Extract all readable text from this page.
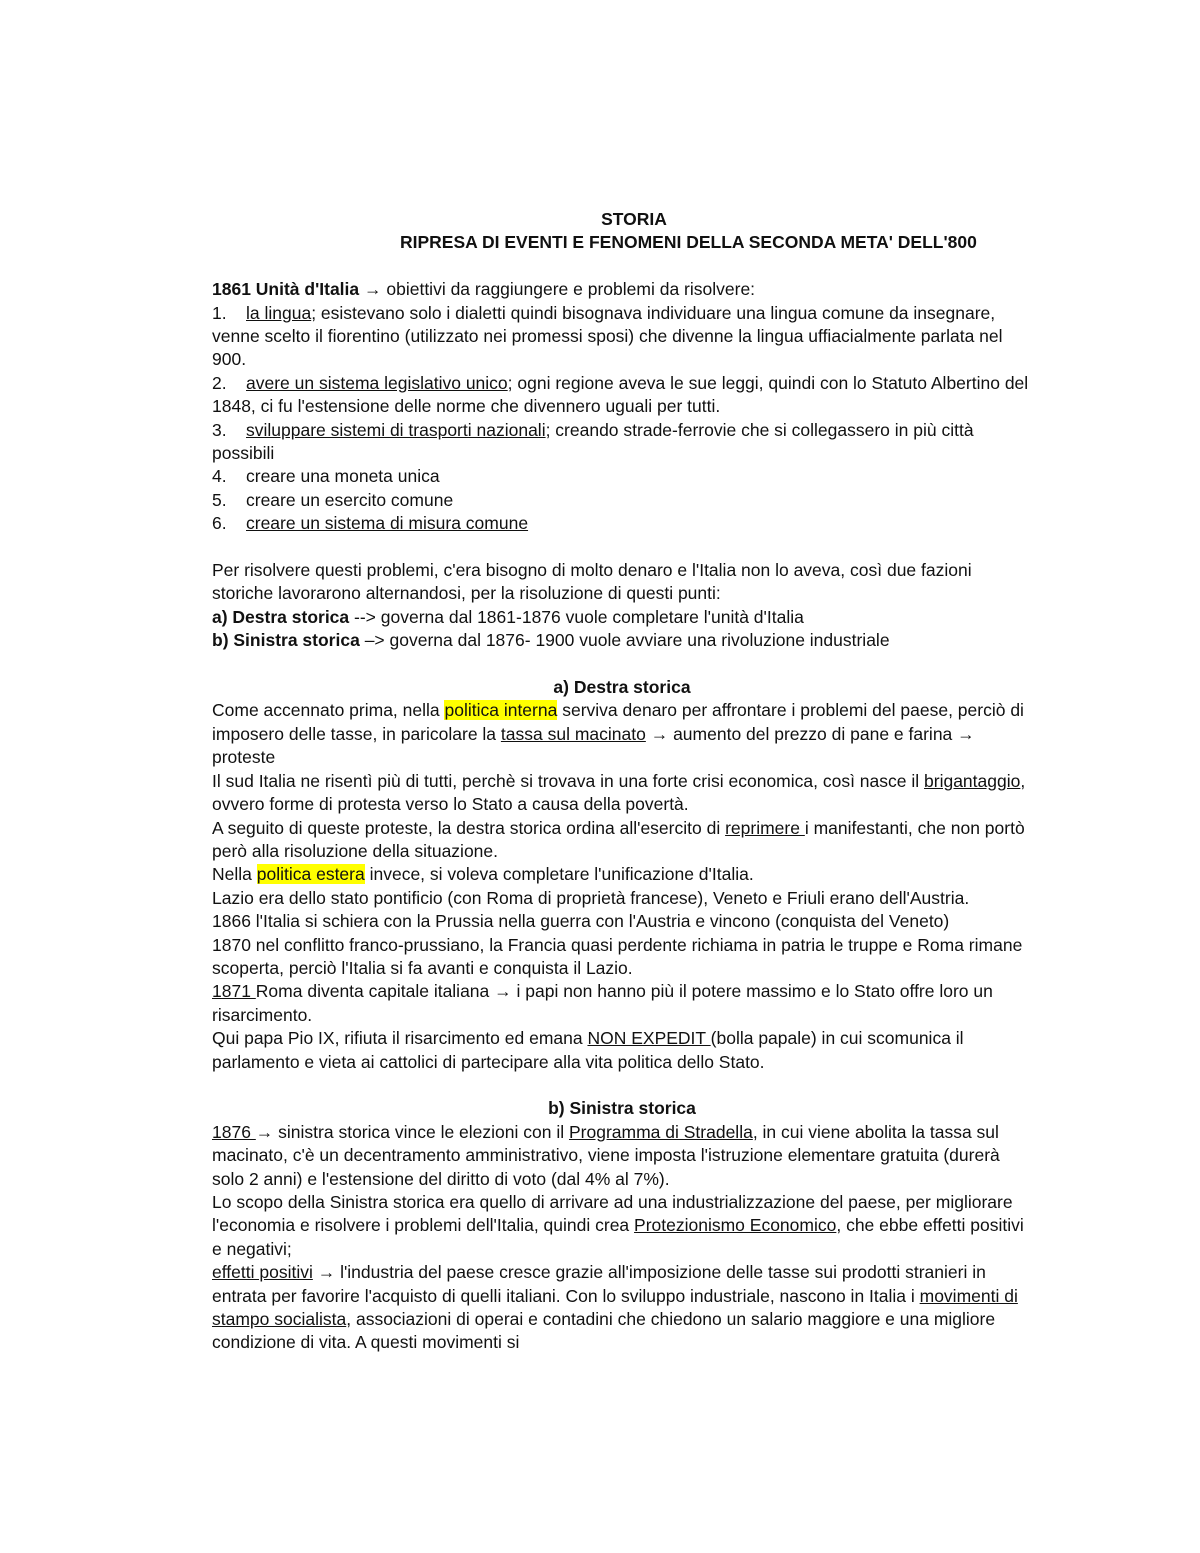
STORIA
RIPRESA DI EVENTI E FENOMENI DELLA SECONDA META' DELL'800

1861 Unità d'Italia → obiettivi da raggiungere e problemi da risolvere:

1. la lingua; esistevano solo i dialetti quindi bisognava individuare una lingua comune da insegnare, venne scelto il fiorentino (utilizzato nei promessi sposi) che divenne la lingua uffiacialmente parlata nel 900.

2. avere un sistema legislativo unico; ogni regione aveva le sue leggi, quindi con lo Statuto Albertino del 1848, ci fu l'estensione delle norme che divennero uguali per tutti.

3. sviluppare sistemi di trasporti nazionali; creando strade-ferrovie che si collegassero in più città possibili

4. creare una moneta unica

5. creare un esercito comune

6. creare un sistema di misura comune

Per risolvere questi problemi, c'era bisogno di molto denaro e l'Italia non lo aveva, così due fazioni storiche lavorarono alternandosi, per la risoluzione di questi punti:

a) Destra storica --> governa dal 1861-1876 vuole completare l'unità d'Italia

b) Sinistra storica –> governa dal 1876- 1900 vuole avviare una rivoluzione industriale

a) Destra storica

Come accennato prima, nella politica interna serviva denaro per affrontare i problemi del paese, perciò di imposero delle tasse, in paricolare la tassa sul macinato → aumento del prezzo di pane e farina → proteste

Il sud Italia ne risentì più di tutti, perchè si trovava in una forte crisi economica, così nasce il brigantaggio, ovvero forme di protesta verso lo Stato a causa della povertà.

A seguito di queste proteste, la destra storica ordina all'esercito di reprimere i manifestanti, che non portò però alla risoluzione della situazione.

Nella politica estera invece, si voleva completare l'unificazione d'Italia.

Lazio era dello stato pontificio (con Roma di proprietà francese), Veneto e Friuli erano dell'Austria.

1866 l'Italia si schiera con la Prussia nella guerra con l'Austria e vincono (conquista del Veneto)

1870 nel conflitto franco-prussiano, la Francia quasi perdente richiama in patria le truppe e Roma rimane scoperta, perciò l'Italia si fa avanti e conquista il Lazio.

1871 Roma diventa capitale italiana → i papi non hanno più il potere massimo e lo Stato offre loro un risarcimento.

Qui papa Pio IX, rifiuta il risarcimento ed emana NON EXPEDIT (bolla papale) in cui scomunica il parlamento e vieta ai cattolici di partecipare alla vita politica dello Stato.

b) Sinistra storica

1876 → sinistra storica vince le elezioni con il Programma di Stradella, in cui viene abolita la tassa sul macinato, c'è un decentramento amministrativo, viene imposta l'istruzione elementare gratuita (durerà solo 2 anni) e l'estensione del diritto di voto (dal 4% al 7%).

Lo scopo della Sinistra storica era quello di arrivare ad una industrializzazione del paese, per migliorare l'economia e risolvere i problemi dell'Italia, quindi crea Protezionismo Economico, che ebbe effetti positivi e negativi;

effetti positivi → l'industria del paese cresce grazie all'imposizione delle tasse sui prodotti stranieri in entrata per favorire l'acquisto di quelli italiani. Con lo sviluppo industriale, nascono in Italia i movimenti di stampo socialista, associazioni di operai e contadini che chiedono un salario maggiore e una migliore condizione di vita. A questi movimenti si
